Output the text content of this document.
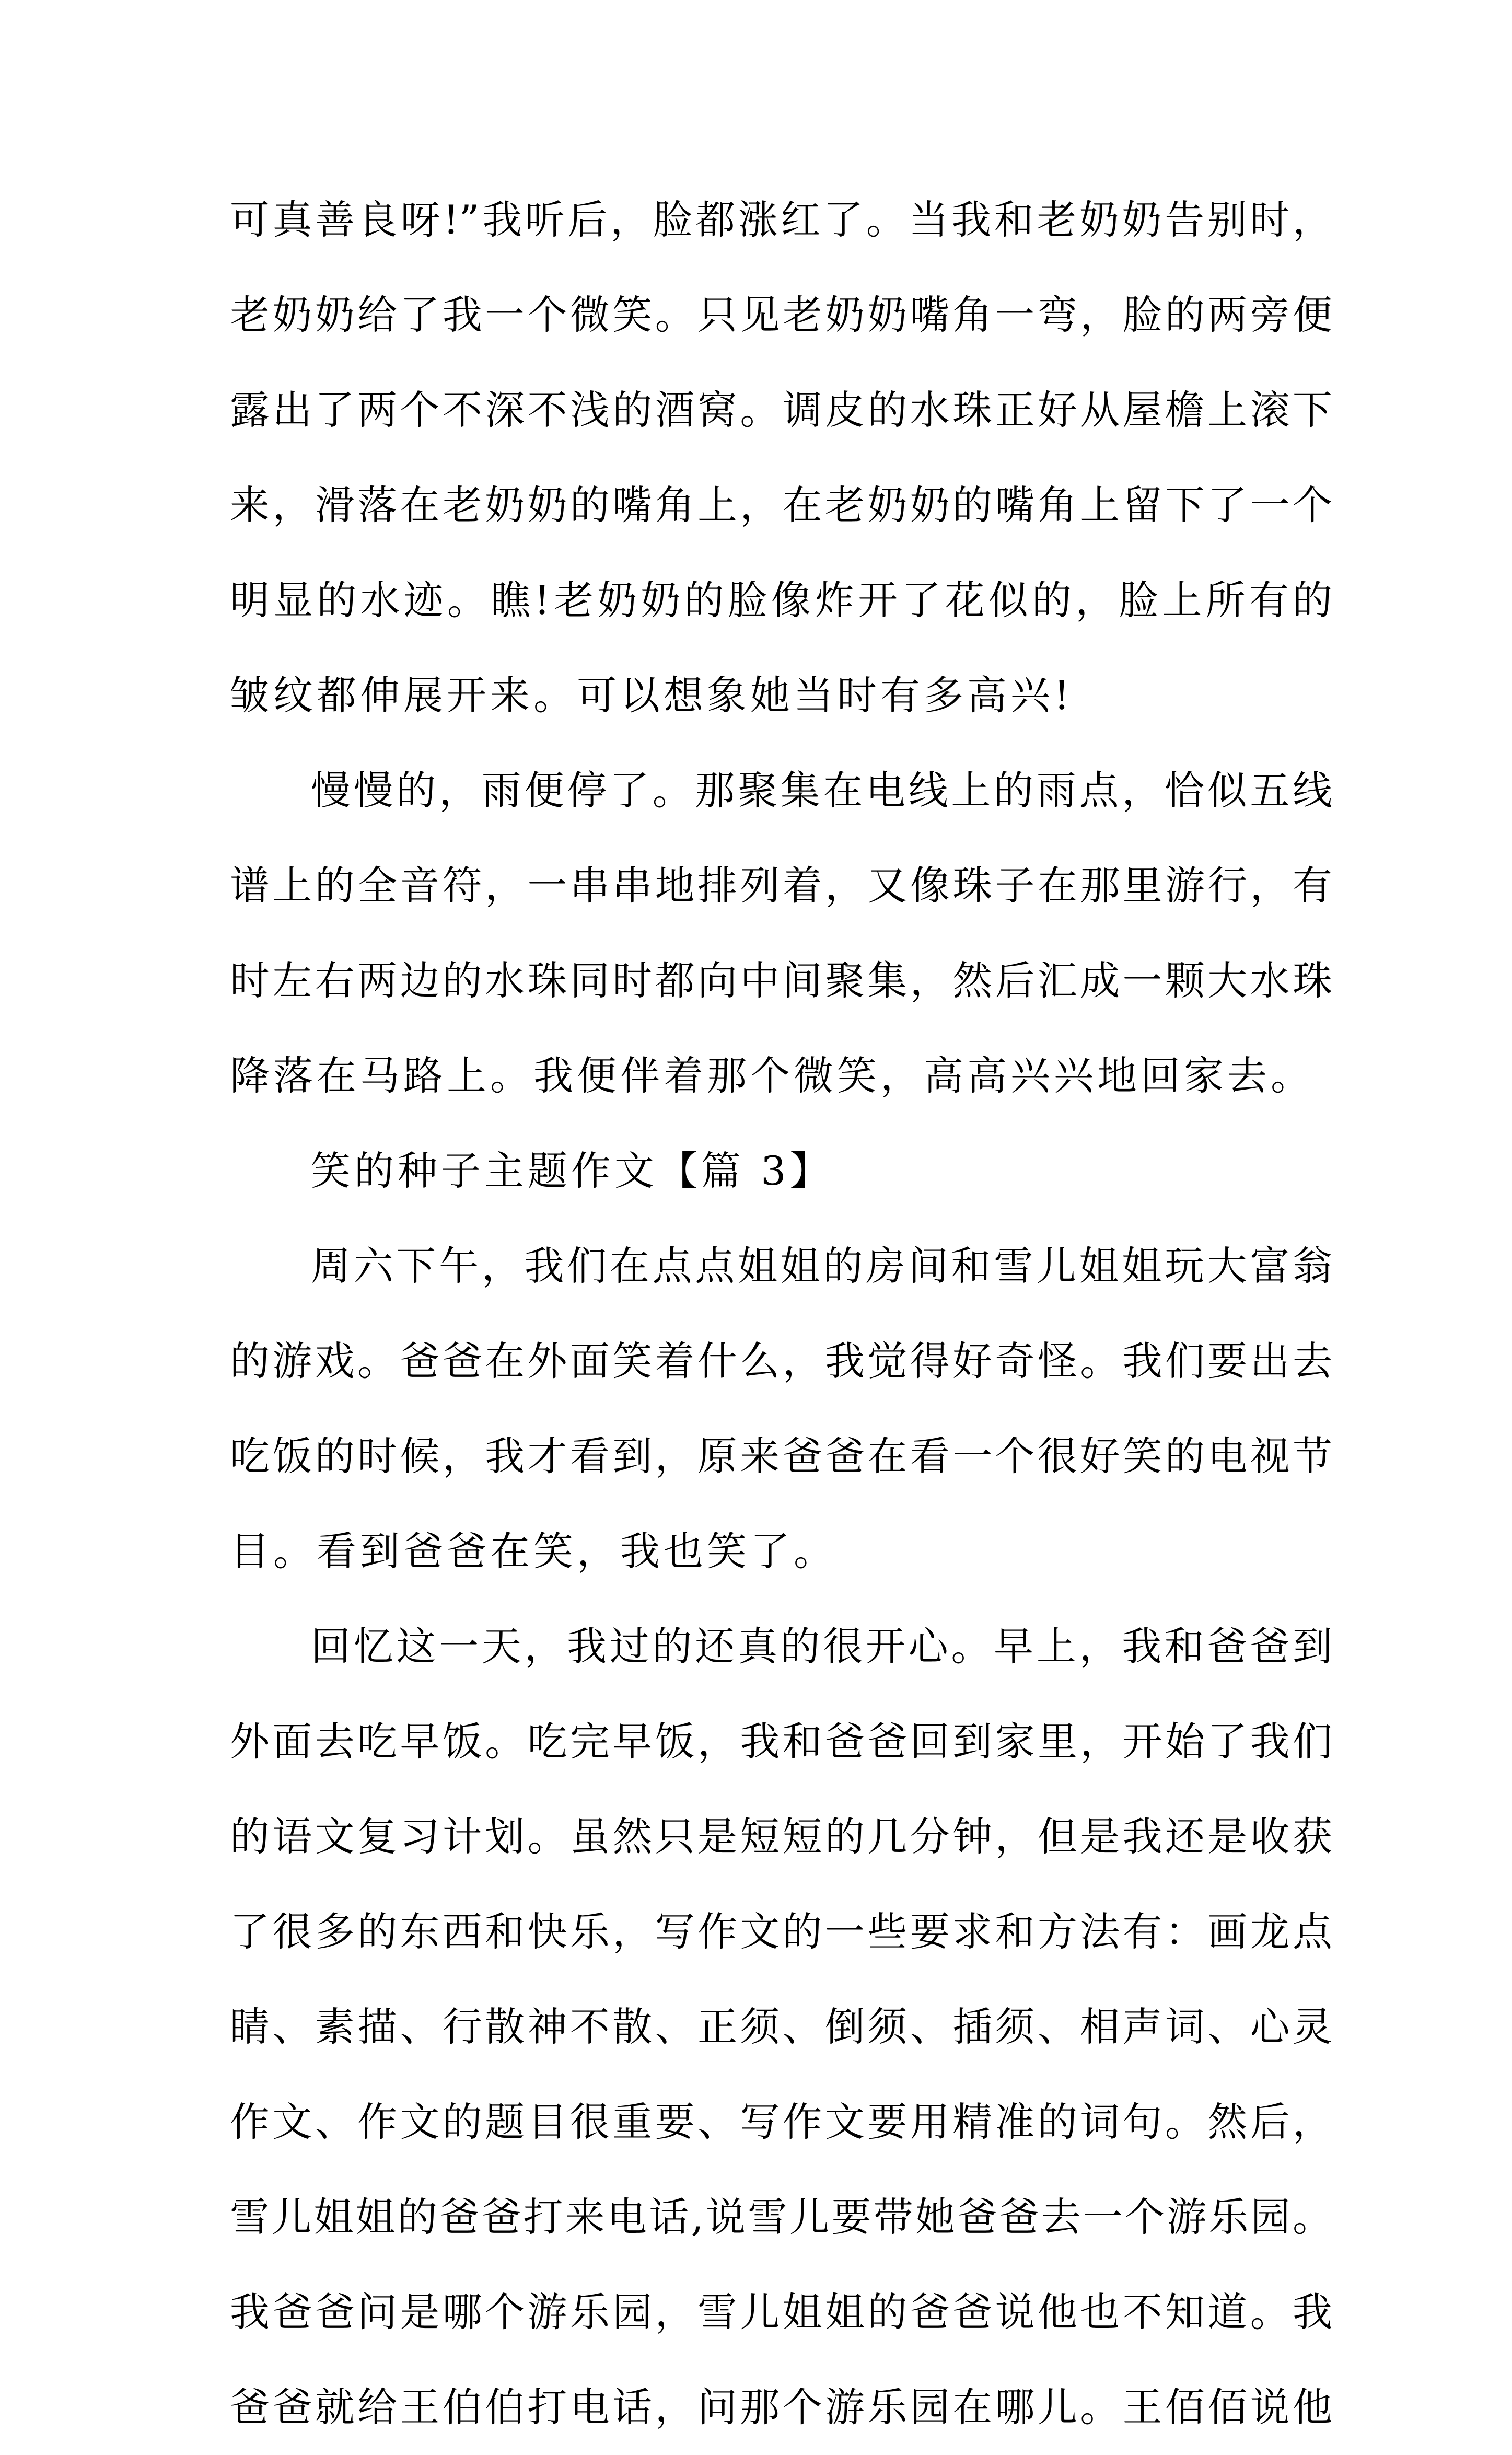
可真善良呀!”我听后，脸都涨红了。当我和老奶奶告别时，
老奶奶给了我一个微笑。只见老奶奶嘴角一弯，脸的两旁便
露出了两个不深不浅的酒窝。调皮的水珠正好从屋檐上滚下
来，滑落在老奶奶的嘴角上，在老奶奶的嘴角上留下了一个
明显的水迹。瞧!老奶奶的脸像炸开了花似的，脸上所有的
皱纹都伸展开来。可以想象她当时有多高兴!
慢慢的，雨便停了。那聚集在电线上的雨点，恰似五线
谱上的全音符，一串串地排列着，又像珠子在那里游行，有
时左右两边的水珠同时都向中间聚集，然后汇成一颗大水珠
降落在马路上。我便伴着那个微笑，高高兴兴地回家去。
笑的种子主题作文【篇 3】
周六下午，我们在点点姐姐的房间和雪儿姐姐玩大富翁
的游戏。爸爸在外面笑着什么，我觉得好奇怪。我们要出去
吃饭的时候，我才看到，原来爸爸在看一个很好笑的电视节
目。看到爸爸在笑，我也笑了。
回忆这一天，我过的还真的很开心。早上，我和爸爸到
外面去吃早饭。吃完早饭，我和爸爸回到家里，开始了我们
的语文复习计划。虽然只是短短的几分钟，但是我还是收获
了很多的东西和快乐，写作文的一些要求和方法有：画龙点
睛、素描、行散神不散、正须、倒须、插须、相声词、心灵
作文、作文的题目很重要、写作文要用精准的词句。然后，
雪儿姐姐的爸爸打来电话,说雪儿要带她爸爸去一个游乐园。
我爸爸问是哪个游乐园，雪儿姐姐的爸爸说他也不知道。我
爸爸就给王伯伯打电话，问那个游乐园在哪儿。王佰佰说他
